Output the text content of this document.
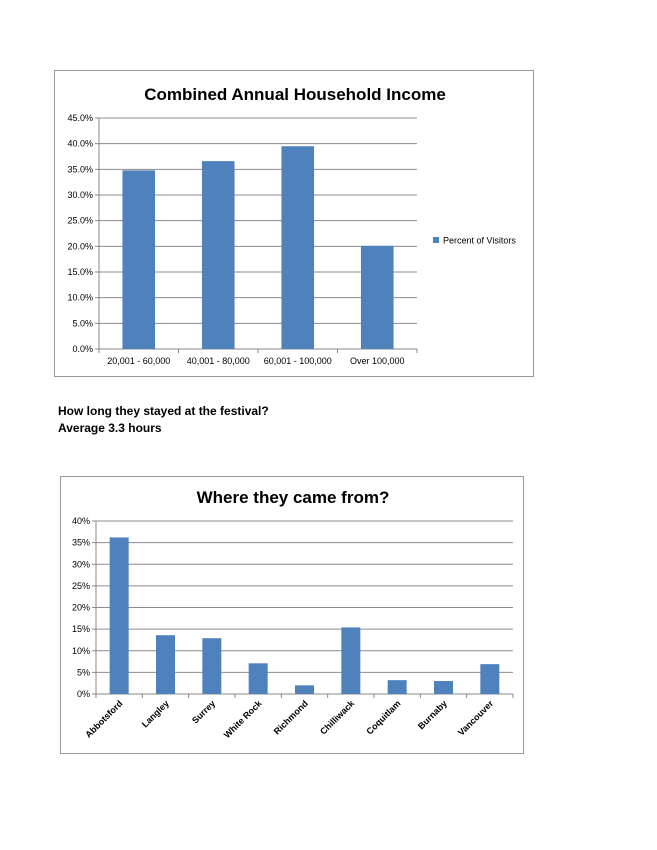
Combined Annual Household Income
0.0%
5.0%
10.0%
15.0%
20.0%
25.0%
30.0%
35.0%
40.0%
45.0%
20,001 - 60,000 40,001 - 80,000 60,001 - 100,000 Over 100,000
Percent of Visitors
How long they stayed at the festival?
Average 3.3 hours
Where they came from?
0%
5%
10%
15%
20%
25%
30%
35%
40%
Abbotsford Langley Surrey White Rock Richmond Chilliwack Coquitlam Burnaby Vancouver
